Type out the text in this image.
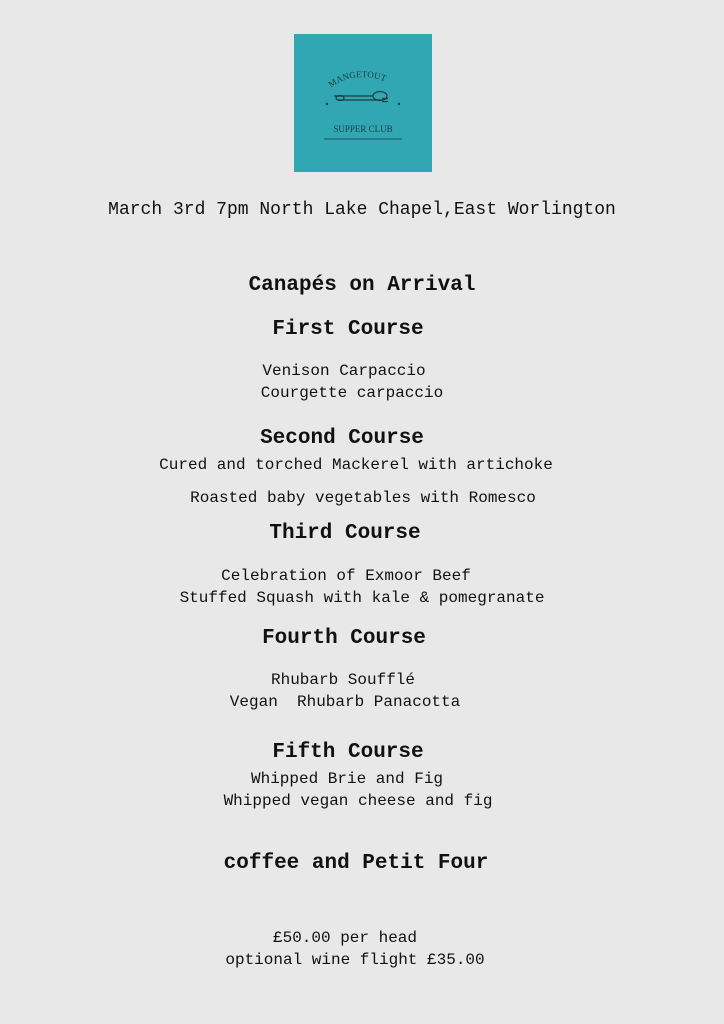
MANGETOUT
SUPPER CLUB
March 3rd 7pm North Lake Chapel,East Worlington
Canapés on Arrival
First Course
Venison Carpaccio
Courgette carpaccio
Second Course
Cured and torched Mackerel with artichoke
Roasted baby vegetables with Romesco
Third Course
Celebration of Exmoor Beef
Stuffed Squash with kale & pomegranate
Fourth Course
Rhubarb Soufflé
Vegan  Rhubarb Panacotta
Fifth Course
Whipped Brie and Fig
Whipped vegan cheese and fig
coffee and Petit Four
£50.00 per head
optional wine flight £35.00
